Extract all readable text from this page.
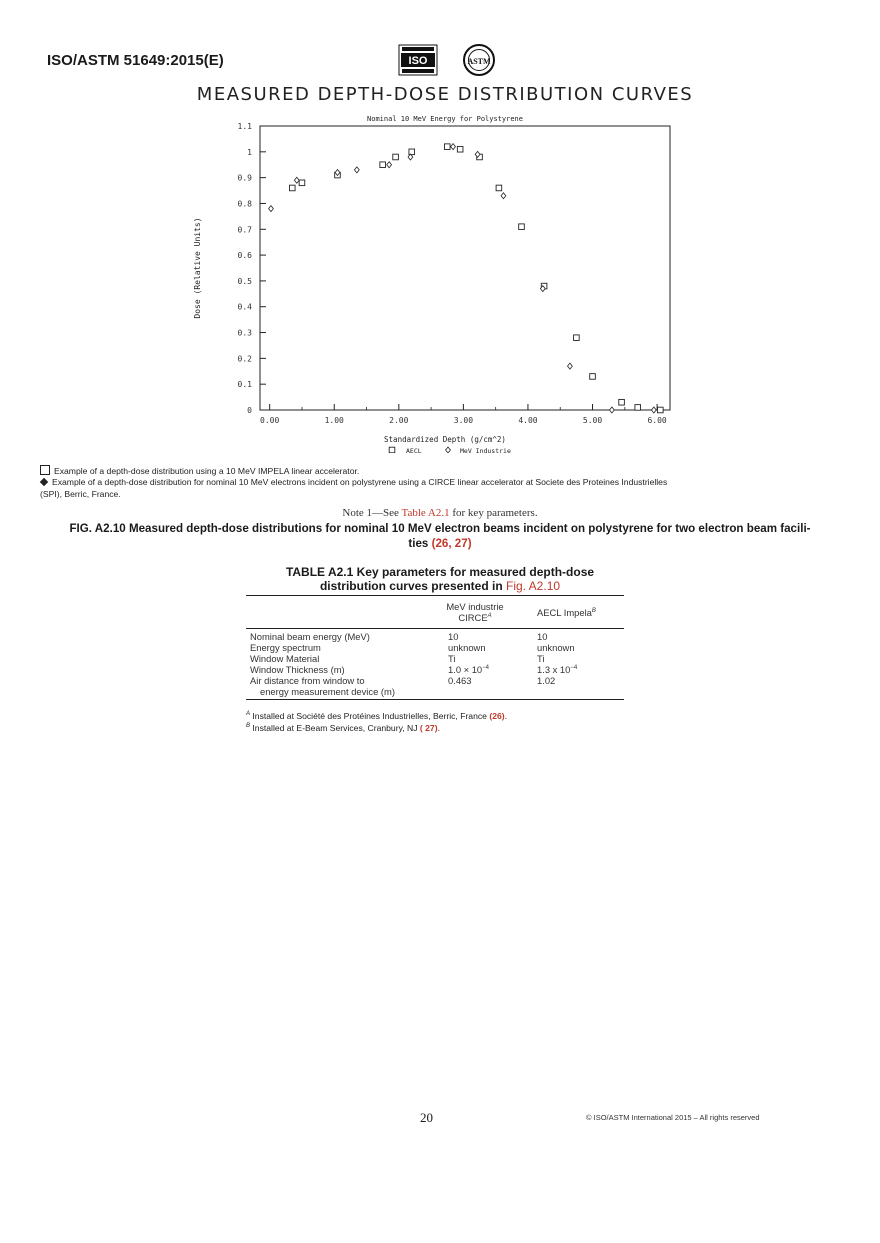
ISO/ASTM 51649:2015(E)	ISO	ASTM
MEASURED DEPTH-DOSE DISTRIBUTION CURVES
Nominal 10 MeV Energy for Polystyrene
0
0.1
0.2
0.3
0.4
0.5
0.6
0.7
0.8
0.9
1
1.1
0.00	1.00	2.00	3.00	4.00	5.00	6.00
Standardized Depth (g/cm^2)
Dose (Relative Units)
AECL	MeV Industrie
Example of a depth-dose distribution using a 10 MeV IMPELA linear accelerator.
Example of a depth-dose distribution for nominal 10 MeV electrons incident on polystyrene using a CIRCE linear accelerator at Societe des Proteines Industrielles
(SPI), Berric, France.
Note 1—See Table A2.1 for key parameters.
FIG. A2.10 Measured depth-dose distributions for nominal 10 MeV electron beams incident on polystyrene for two electron beam facili-
ties (26, 27)
TABLE A2.1 Key parameters for measured depth-dose
distribution curves presented in Fig. A2.10
MeV industrie
$CIRCE^A$	AECL Impela$^B$
Nominal beam energy (MeV)	10	10
Energy spectrum	unknown	unknown
Window Material	Ti	Ti
Window Thickness (m)	$1.0 \times 10^{-4}$	1.3 x $10^{-4}$
Air distance from window to
energy measurement device (m)
0.463	1.02
$^A$ Installed at Société des Protéines Industrielles, Berric, France (26).
$^B$ Installed at E-Beam Services, Cranbury, NJ ( 27).
20	© ISO/ASTM International 2015 – All rights reserved
